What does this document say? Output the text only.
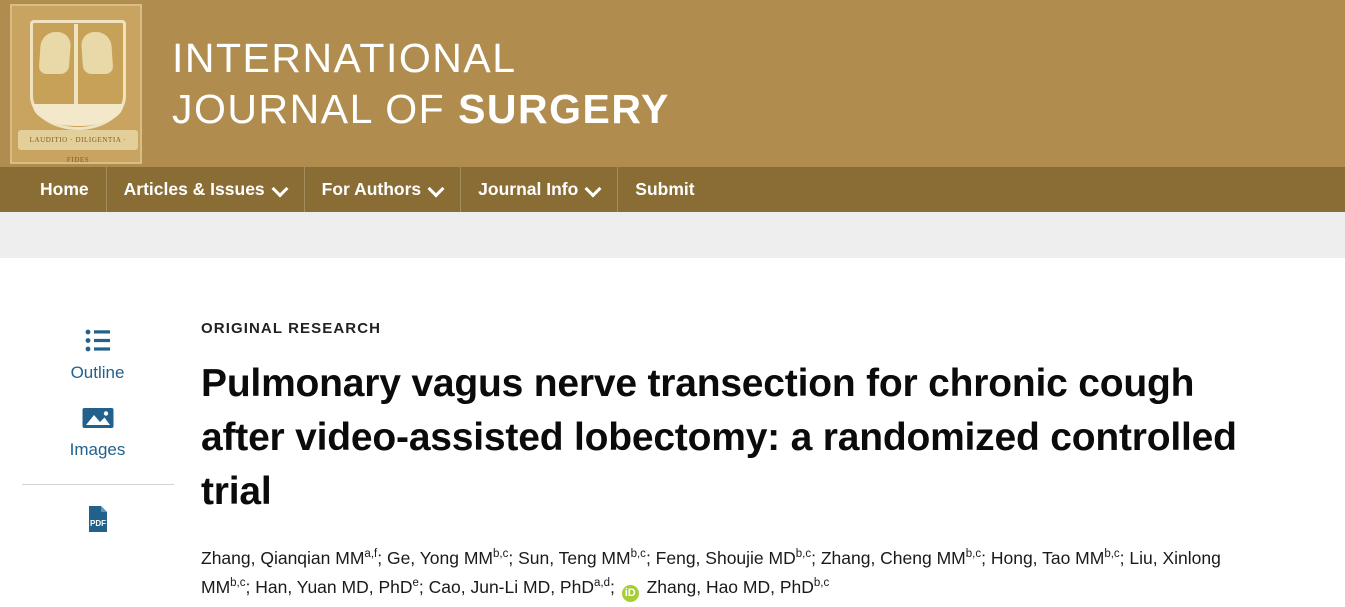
LAUDITIO · DILIGENTIA · FIDES
INTERNATIONAL
JOURNAL OF SURGERY
Home Articles & Issues	For Authors	Journal Info	Submit
Outline
Images
PDF
ORIGINAL RESEARCH
Pulmonary vagus nerve transection for chronic cough after video-assisted lobectomy: a randomized controlled trial
Zhang, Qianqian MM$^{a,f}$; Ge, Yong MM$^{b,c}$; Sun, Teng MM$^{b,c}$; Feng, Shoujie MD$^{b,c}$; Zhang, Cheng MM$^{b,c}$; Hong, Tao MM$^{b,c}$; Liu, Xinlong MM$^{b,c}$; Han, Yuan MD, PhD$^e$; Cao, Jun-Li MD, PhD$^{a,d}$; iD Zhang, Hao MD, PhD$^{b,c}$
